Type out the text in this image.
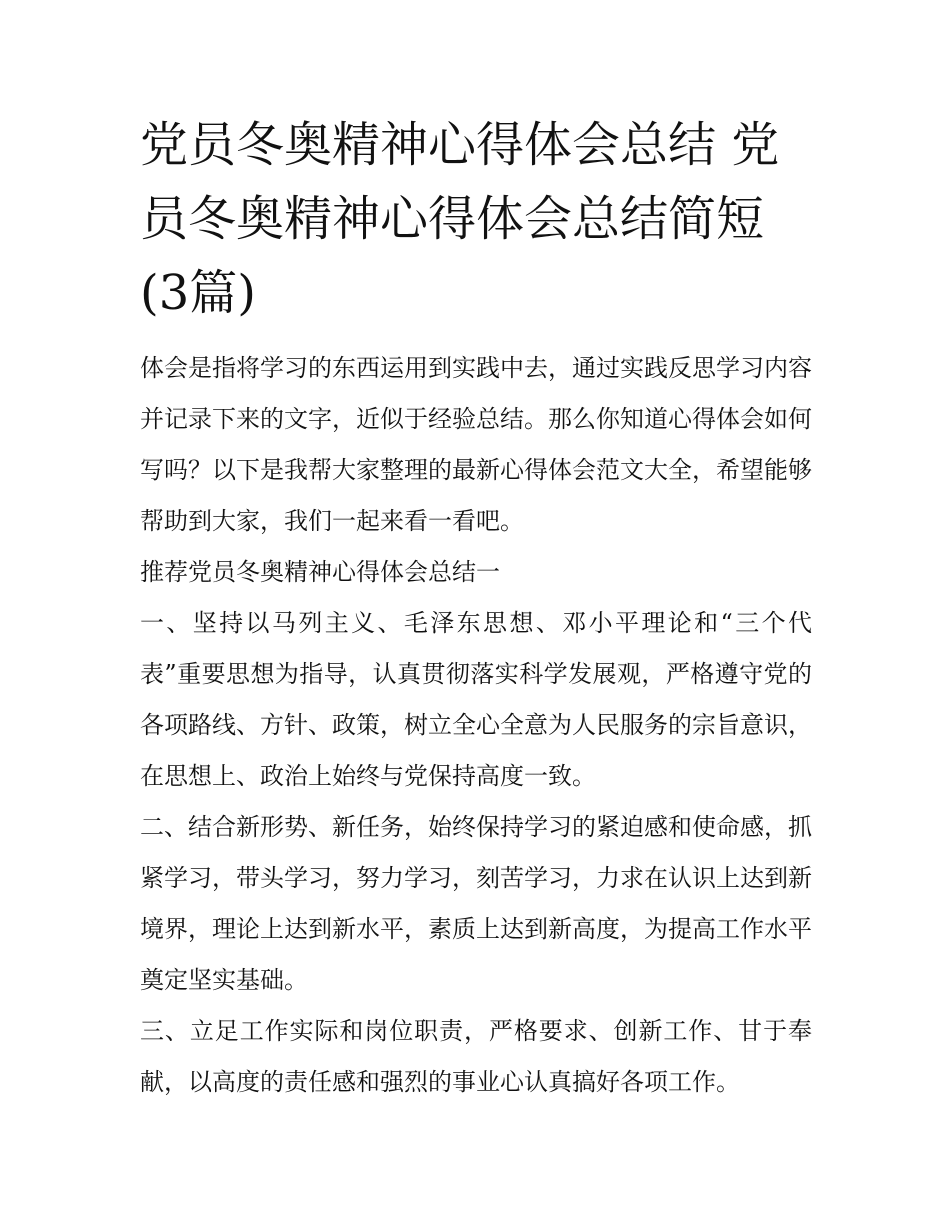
党员冬奥精神心得体会总结 党员冬奥精神心得体会总结简短(3篇)

体会是指将学习的东西运用到实践中去，通过实践反思学习内容并记录下来的文字，近似于经验总结。那么你知道心得体会如何写吗？以下是我帮大家整理的最新心得体会范文大全，希望能够帮助到大家，我们一起来看一看吧。

推荐党员冬奥精神心得体会总结一

一、坚持以马列主义、毛泽东思想、邓小平理论和“三个代表”重要思想为指导，认真贯彻落实科学发展观，严格遵守党的各项路线、方针、政策，树立全心全意为人民服务的宗旨意识，在思想上、政治上始终与党保持高度一致。

二、结合新形势、新任务，始终保持学习的紧迫感和使命感，抓紧学习，带头学习，努力学习，刻苦学习，力求在认识上达到新境界，理论上达到新水平，素质上达到新高度，为提高工作水平奠定坚实基础。

三、立足工作实际和岗位职责，严格要求、创新工作、甘于奉献，以高度的责任感和强烈的事业心认真搞好各项工作。
